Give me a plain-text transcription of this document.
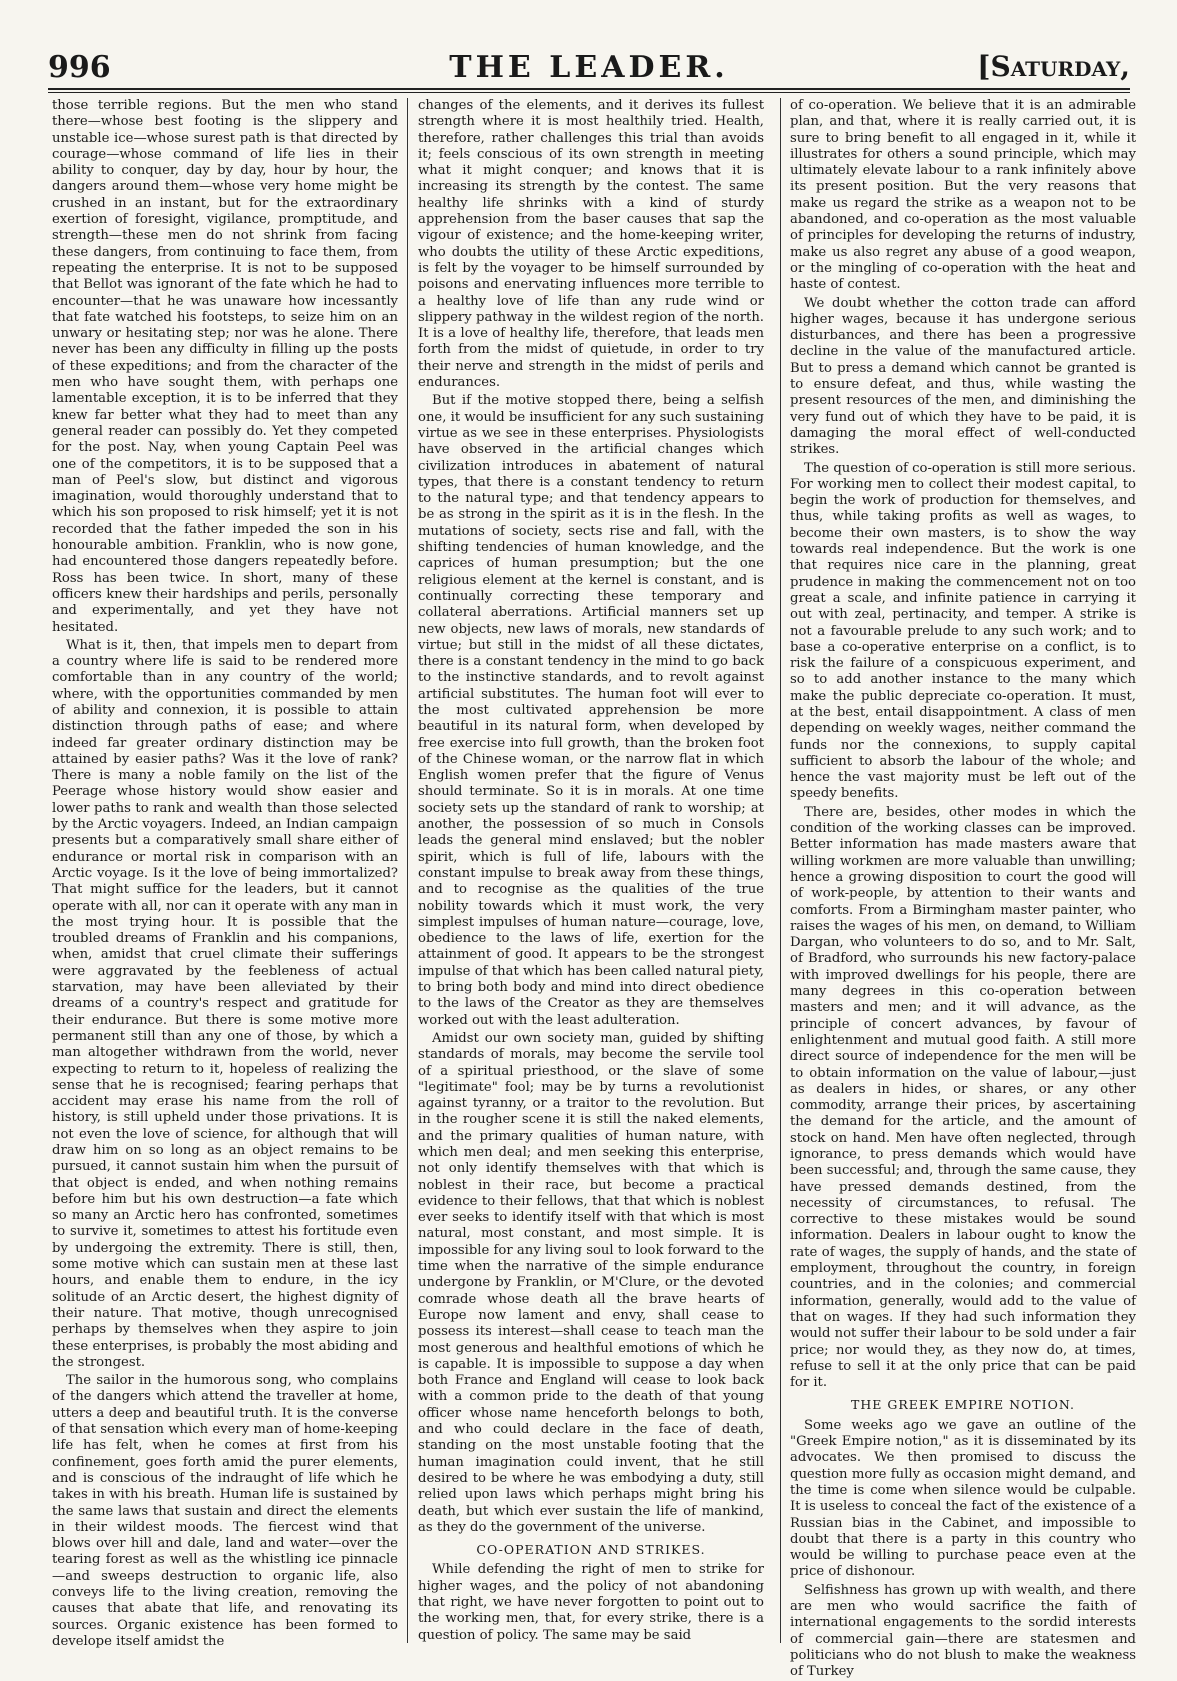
996	THE LEADER.	[Saturday,

those terrible regions. But the men who stand there—whose best footing is the slippery and unstable ice—whose surest path is that directed by courage—whose command of life lies in their ability to conquer, day by day, hour by hour, the dangers around them—whose very home might be crushed in an instant, but for the extraordinary exertion of foresight, vigilance, promptitude, and strength—these men do not shrink from facing these dangers, from continuing to face them, from repeating the enterprise. It is not to be supposed that Bellot was ignorant of the fate which he had to encounter—that he was unaware how incessantly that fate watched his footsteps, to seize him on an unwary or hesitating step; nor was he alone. There never has been any difficulty in filling up the posts of these expeditions; and from the character of the men who have sought them, with perhaps one lamentable exception, it is to be inferred that they knew far better what they had to meet than any general reader can possibly do. Yet they competed for the post. Nay, when young Captain Peel was one of the competitors, it is to be supposed that a man of Peel's slow, but distinct and vigorous imagination, would thoroughly understand that to which his son proposed to risk himself; yet it is not recorded that the father impeded the son in his honourable ambition. Franklin, who is now gone, had encountered those dangers repeatedly before. Ross has been twice. In short, many of these officers knew their hardships and perils, personally and experimentally, and yet they have not hesitated.

What is it, then, that impels men to depart from a country where life is said to be rendered more comfortable than in any country of the world; where, with the opportunities commanded by men of ability and connexion, it is possible to attain distinction through paths of ease; and where indeed far greater ordinary distinction may be attained by easier paths? Was it the love of rank? There is many a noble family on the list of the Peerage whose history would show easier and lower paths to rank and wealth than those selected by the Arctic voyagers. Indeed, an Indian campaign presents but a comparatively small share either of endurance or mortal risk in comparison with an Arctic voyage. Is it the love of being immortalized? That might suffice for the leaders, but it cannot operate with all, nor can it operate with any man in the most trying hour. It is possible that the troubled dreams of Franklin and his companions, when, amidst that cruel climate their sufferings were aggravated by the feebleness of actual starvation, may have been alleviated by their dreams of a country's respect and gratitude for their endurance. But there is some motive more permanent still than any one of those, by which a man altogether withdrawn from the world, never expecting to return to it, hopeless of realizing the sense that he is recognised; fearing perhaps that accident may erase his name from the roll of history, is still upheld under those privations. It is not even the love of science, for although that will draw him on so long as an object remains to be pursued, it cannot sustain him when the pursuit of that object is ended, and when nothing remains before him but his own destruction—a fate which so many an Arctic hero has confronted, sometimes to survive it, sometimes to attest his fortitude even by undergoing the extremity. There is still, then, some motive which can sustain men at these last hours, and enable them to endure, in the icy solitude of an Arctic desert, the highest dignity of their nature. That motive, though unrecognised perhaps by themselves when they aspire to join these enterprises, is probably the most abiding and the strongest.

The sailor in the humorous song, who complains of the dangers which attend the traveller at home, utters a deep and beautiful truth. It is the converse of that sensation which every man of home-keeping life has felt, when he comes at first from his confinement, goes forth amid the purer elements, and is conscious of the indraught of life which he takes in with his breath. Human life is sustained by the same laws that sustain and direct the elements in their wildest moods. The fiercest wind that blows over hill and dale, land and water—over the tearing forest as well as the whistling ice pinnacle—and sweeps destruction to organic life, also conveys life to the living creation, removing the causes that abate that life, and renovating its sources. Organic existence has been formed to develope itself amidst the

changes of the elements, and it derives its fullest strength where it is most healthily tried. Health, therefore, rather challenges this trial than avoids it; feels conscious of its own strength in meeting what it might conquer; and knows that it is increasing its strength by the contest. The same healthy life shrinks with a kind of sturdy apprehension from the baser causes that sap the vigour of existence; and the home-keeping writer, who doubts the utility of these Arctic expeditions, is felt by the voyager to be himself surrounded by poisons and enervating influences more terrible to a healthy love of life than any rude wind or slippery pathway in the wildest region of the north. It is a love of healthy life, therefore, that leads men forth from the midst of quietude, in order to try their nerve and strength in the midst of perils and endurances.

But if the motive stopped there, being a selfish one, it would be insufficient for any such sustaining virtue as we see in these enterprises. Physiologists have observed in the artificial changes which civilization introduces in abatement of natural types, that there is a constant tendency to return to the natural type; and that tendency appears to be as strong in the spirit as it is in the flesh. In the mutations of society, sects rise and fall, with the shifting tendencies of human knowledge, and the caprices of human presumption; but the one religious element at the kernel is constant, and is continually correcting these temporary and collateral aberrations. Artificial manners set up new objects, new laws of morals, new standards of virtue; but still in the midst of all these dictates, there is a constant tendency in the mind to go back to the instinctive standards, and to revolt against artificial substitutes. The human foot will ever to the most cultivated apprehension be more beautiful in its natural form, when developed by free exercise into full growth, than the broken foot of the Chinese woman, or the narrow flat in which English women prefer that the figure of Venus should terminate. So it is in morals. At one time society sets up the standard of rank to worship; at another, the possession of so much in Consols leads the general mind enslaved; but the nobler spirit, which is full of life, labours with the constant impulse to break away from these things, and to recognise as the qualities of the true nobility towards which it must work, the very simplest impulses of human nature—courage, love, obedience to the laws of life, exertion for the attainment of good. It appears to be the strongest impulse of that which has been called natural piety, to bring both body and mind into direct obedience to the laws of the Creator as they are themselves worked out with the least adulteration.

Amidst our own society man, guided by shifting standards of morals, may become the servile tool of a spiritual priesthood, or the slave of some "legitimate" fool; may be by turns a revolutionist against tyranny, or a traitor to the revolution. But in the rougher scene it is still the naked elements, and the primary qualities of human nature, with which men deal; and men seeking this enterprise, not only identify themselves with that which is noblest in their race, but become a practical evidence to their fellows, that that which is noblest ever seeks to identify itself with that which is most natural, most constant, and most simple. It is impossible for any living soul to look forward to the time when the narrative of the simple endurance undergone by Franklin, or M'Clure, or the devoted comrade whose death all the brave hearts of Europe now lament and envy, shall cease to possess its interest—shall cease to teach man the most generous and healthful emotions of which he is capable. It is impossible to suppose a day when both France and England will cease to look back with a common pride to the death of that young officer whose name henceforth belongs to both, and who could declare in the face of death, standing on the most unstable footing that the human imagination could invent, that he still desired to be where he was embodying a duty, still relied upon laws which perhaps might bring his death, but which ever sustain the life of mankind, as they do the government of the universe.

CO-OPERATION AND STRIKES.

While defending the right of men to strike for higher wages, and the policy of not abandoning that right, we have never forgotten to point out to the working men, that, for every strike, there is a question of policy. The same may be said

of co-operation. We believe that it is an admirable plan, and that, where it is really carried out, it is sure to bring benefit to all engaged in it, while it illustrates for others a sound principle, which may ultimately elevate labour to a rank infinitely above its present position. But the very reasons that make us regard the strike as a weapon not to be abandoned, and co-operation as the most valuable of principles for developing the returns of industry, make us also regret any abuse of a good weapon, or the mingling of co-operation with the heat and haste of contest.

We doubt whether the cotton trade can afford higher wages, because it has undergone serious disturbances, and there has been a progressive decline in the value of the manufactured article. But to press a demand which cannot be granted is to ensure defeat, and thus, while wasting the present resources of the men, and diminishing the very fund out of which they have to be paid, it is damaging the moral effect of well-conducted strikes.

The question of co-operation is still more serious. For working men to collect their modest capital, to begin the work of production for themselves, and thus, while taking profits as well as wages, to become their own masters, is to show the way towards real independence. But the work is one that requires nice care in the planning, great prudence in making the commencement not on too great a scale, and infinite patience in carrying it out with zeal, pertinacity, and temper. A strike is not a favourable prelude to any such work; and to base a co-operative enterprise on a conflict, is to risk the failure of a conspicuous experiment, and so to add another instance to the many which make the public depreciate co-operation. It must, at the best, entail disappointment. A class of men depending on weekly wages, neither command the funds nor the connexions, to supply capital sufficient to absorb the labour of the whole; and hence the vast majority must be left out of the speedy benefits.

There are, besides, other modes in which the condition of the working classes can be improved. Better information has made masters aware that willing workmen are more valuable than unwilling; hence a growing disposition to court the good will of work-people, by attention to their wants and comforts. From a Birmingham master painter, who raises the wages of his men, on demand, to William Dargan, who volunteers to do so, and to Mr. Salt, of Bradford, who surrounds his new factory-palace with improved dwellings for his people, there are many degrees in this co-operation between masters and men; and it will advance, as the principle of concert advances, by favour of enlightenment and mutual good faith. A still more direct source of independence for the men will be to obtain information on the value of labour,—just as dealers in hides, or shares, or any other commodity, arrange their prices, by ascertaining the demand for the article, and the amount of stock on hand. Men have often neglected, through ignorance, to press demands which would have been successful; and, through the same cause, they have pressed demands destined, from the necessity of circumstances, to refusal. The corrective to these mistakes would be sound information. Dealers in labour ought to know the rate of wages, the supply of hands, and the state of employment, throughout the country, in foreign countries, and in the colonies; and commercial information, generally, would add to the value of that on wages. If they had such information they would not suffer their labour to be sold under a fair price; nor would they, as they now do, at times, refuse to sell it at the only price that can be paid for it.

THE GREEK EMPIRE NOTION.

Some weeks ago we gave an outline of the "Greek Empire notion," as it is disseminated by its advocates. We then promised to discuss the question more fully as occasion might demand, and the time is come when silence would be culpable. It is useless to conceal the fact of the existence of a Russian bias in the Cabinet, and impossible to doubt that there is a party in this country who would be willing to purchase peace even at the price of dishonour.

Selfishness has grown up with wealth, and there are men who would sacrifice the faith of international engagements to the sordid interests of commercial gain—there are statesmen and politicians who do not blush to make the weakness of Turkey
